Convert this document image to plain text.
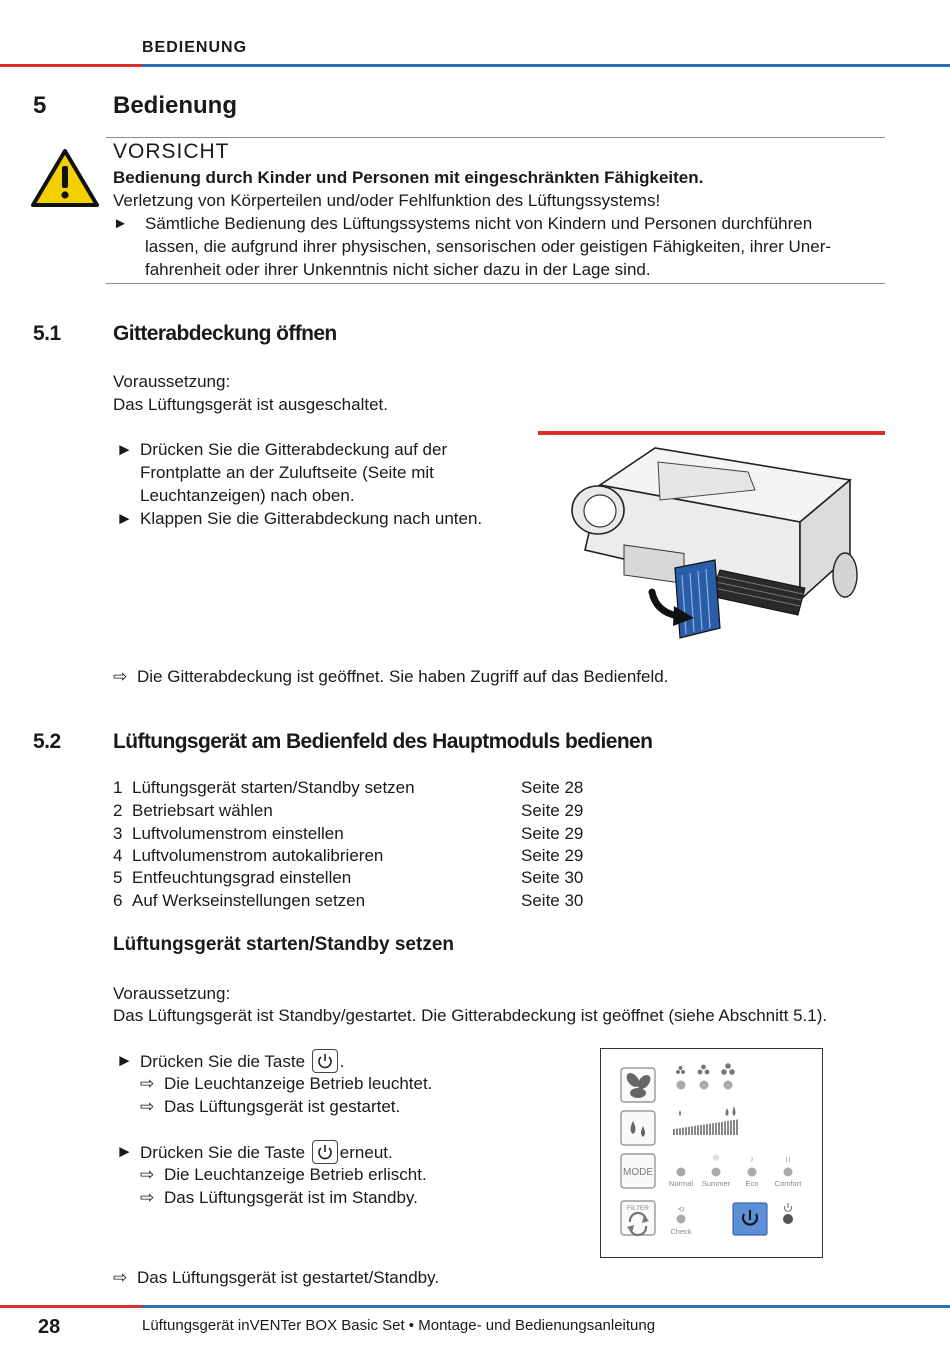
BEDIENUNG
5	Bedienung
VORSICHT
Bedienung durch Kinder und Personen mit eingeschränkten Fähigkeiten.
Verletzung von Körperteilen und/oder Fehlfunktion des Lüftungssystems!
► Sämtliche Bedienung des Lüftungssystems nicht von Kindern und Personen durchführen
lassen, die aufgrund ihrer physischen, sensorischen oder geistigen Fähigkeiten, ihrer Uner-
fahrenheit oder ihrer Unkenntnis nicht sicher dazu in der Lage sind.
5.1 Gitterabdeckung öffnen
Voraussetzung:
Das Lüftungsgerät ist ausgeschaltet.
► Drücken Sie die Gitterabdeckung auf der
Frontplatte an der Zuluftseite (Seite mit
Leuchtanzeigen) nach oben.
► Klappen Sie die Gitterabdeckung nach unten.
⇨ Die Gitterabdeckung ist geöffnet. Sie haben Zugriff auf das Bedienfeld.
5.2 Lüftungsgerät am Bedienfeld des Hauptmoduls bedienen
1 Lüftungsgerät starten/Standby setzen	Seite 28
2 Betriebsart wählen	Seite 29
3 Luftvolumenstrom einstellen	Seite 29
4 Luftvolumenstrom autokalibrieren	Seite 29
5 Entfeuchtungsgrad einstellen	Seite 30
6 Auf Werkseinstellungen setzen	Seite 30
Lüftungsgerät starten/Standby setzen
Voraussetzung:
Das Lüftungsgerät ist Standby/gestartet. Die Gitterabdeckung ist geöffnet (siehe Abschnitt 5.1).
► Drücken Sie die Taste .
⇨ Die Leuchtanzeige Betrieb leuchtet.
⇨ Das Lüftungsgerät ist gestartet.
► Drücken Sie die Taste erneut.
⇨ Die Leuchtanzeige Betrieb erlischt.
⇨ Das Lüftungsgerät ist im Standby.
MODE
☼	≀	≀≀
Normal Summer Eco Comfort
FILTER	⟲
Check
⇨ Das Lüftungsgerät ist gestartet/Standby.
28	Lüftungsgerät inVENTer BOX Basic Set • Montage- und Bedienungsanleitung
